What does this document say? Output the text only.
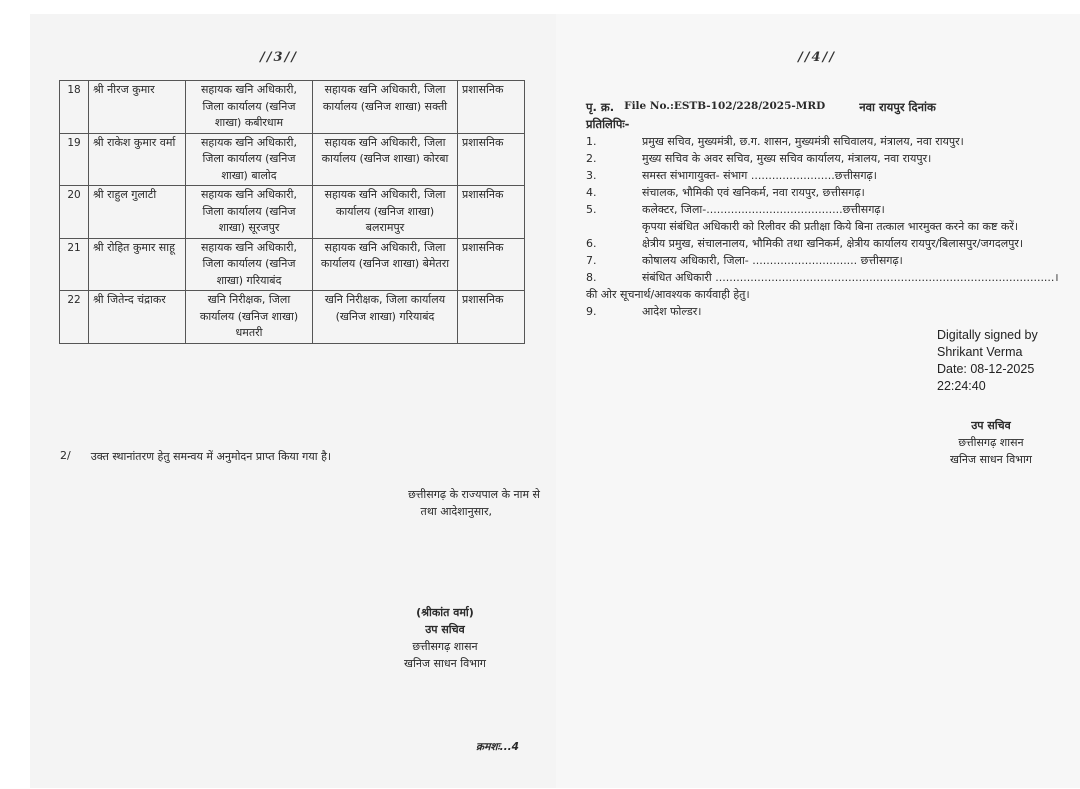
//3//
18	श्री नीरज कुमार	सहायक खनि अधिकारी, जिला कार्यालय (खनिज शाखा) कबीरधाम	सहायक खनि अधिकारी, जिला कार्यालय (खनिज शाखा) सक्ती	प्रशासनिक
19	श्री राकेश कुमार वर्मा	सहायक खनि अधिकारी, जिला कार्यालय (खनिज शाखा) बालोद	सहायक खनि अधिकारी, जिला कार्यालय (खनिज शाखा) कोरबा	प्रशासनिक
20	श्री राहुल गुलाटी	सहायक खनि अधिकारी, जिला कार्यालय (खनिज शाखा) सूरजपुर	सहायक खनि अधिकारी, जिला कार्यालय (खनिज शाखा) बलरामपुर	प्रशासनिक
21	श्री रोहित कुमार साहू	सहायक खनि अधिकारी, जिला कार्यालय (खनिज शाखा) गरियाबंद	सहायक खनि अधिकारी, जिला कार्यालय (खनिज शाखा) बेमेतरा	प्रशासनिक
22	श्री जितेन्द चंद्राकर	खनि निरीक्षक, जिला कार्यालय (खनिज शाखा) धमतरी	खनि निरीक्षक, जिला कार्यालय (खनिज शाखा) गरियाबंद	प्रशासनिक
2/ उक्त स्थानांतरण हेतु समन्वय में अनुमोदन प्राप्त किया गया है।
छत्तीसगढ़ के राज्यपाल के नाम से
तथा आदेशानुसार,
(श्रीकांत वर्मा)
उप सचिव
छत्तीसगढ़ शासन
खनिज साधन विभाग
क्रमशः...4
//4//
पृ. क्र. File No.:ESTB-102/228/2025-MRD	नवा रायपुर दिनांक
प्रतिलिपिः-
1.	प्रमुख सचिव, मुख्यमंत्री, छ.ग. शासन, मुख्यमंत्री सचिवालय, मंत्रालय, नवा रायपुर।
2.	मुख्य सचिव के अवर सचिव, मुख्य सचिव कार्यालय, मंत्रालय, नवा रायपुर।
3.	समस्त संभागायुक्त- संभाग ........................छत्तीसगढ़।
4.	संचालक, भौमिकी एवं खनिकर्म, नवा रायपुर, छत्तीसगढ़।
5.	कलेक्टर, जिला-.......................................छत्तीसगढ़।
कृपया संबंधित अधिकारी को रिलीवर की प्रतीक्षा किये बिना तत्काल भारमुक्त करने का कष्ट करें।
6.	क्षेत्रीय प्रमुख, संचालनालय, भौमिकी तथा खनिकर्म, क्षेत्रीय कार्यालय रायपुर/बिलासपुर/जगदलपुर।
7.	कोषालय अधिकारी, जिला- .............................. छत्तीसगढ़।
8.	संबंधित अधिकारी .................................................................................................।
की ओर सूचनार्थ/आवश्यक कार्यवाही हेतु।
9.	आदेश फोल्डर।
Digitally signed by
Shrikant Verma
Date: 08-12-2025
22:24:40
उप सचिव
छत्तीसगढ़ शासन
खनिज साधन विभाग
